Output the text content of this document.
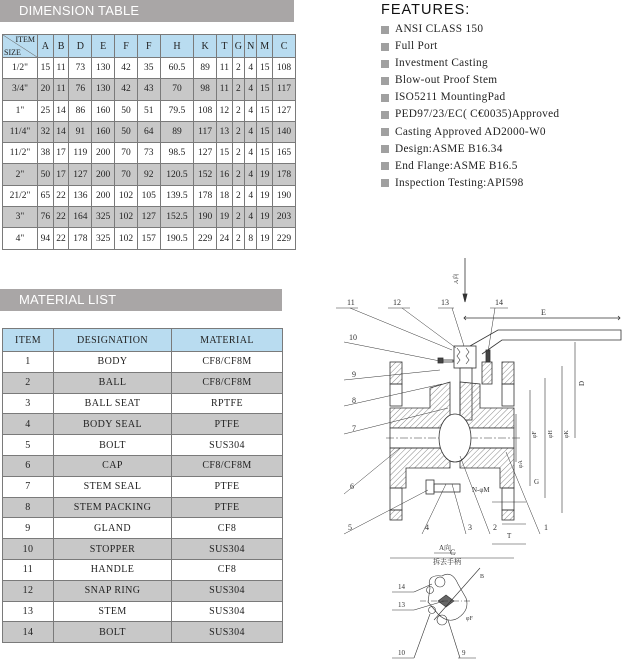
DIMENSION TABLE
ITEM
SIZE	A	B	D	E	F	F	H	K	T	G	N	M	C
1/2"	15	11	73	130	42	35	60.5	89	11	2	4	15	108
3/4"	20	11	76	130	42	43	70	98	11	2	4	15	117
1"	25	14	86	160	50	51	79.5	108	12	2	4	15	127
11/4"	32	14	91	160	50	64	89	117	13	2	4	15	140
11/2"	38	17	119	200	70	73	98.5	127	15	2	4	15	165
2"	50	17	127	200	70	92	120.5	152	16	2	4	19	178
21/2"	65	22	136	200	102	105	139.5	178	18	2	4	19	190
3"	76	22	164	325	102	127	152.5	190	19	2	4	19	203
4"	94	22	178	325	102	157	190.5	229	24	2	8	19	229
FEATURES:
ANSI CLASS 150
Full Port
Investment Casting
Blow-out Proof Stem
ISO5211 MountingPad
PED97/23/EC( C€0035)Approved
Casting Approved AD2000-W0
Design:ASME B16.34
End Flange:ASME B16.5
Inspection Testing:API598
MATERIAL LIST
ITEM	DESIGNATION	MATERIAL
1	BODY	CF8/CF8M
2	BALL	CF8/CF8M
3	BALL SEAT	RPTFE
4	BODY SEAL	PTFE
5	BOLT	SUS304
6	CAP	CF8/CF8M
7	STEM SEAL	PTFE
8	STEM PACKING	PTFE
9	GLAND	CF8
10	STOPPER	SUS304
11	HANDLE	CF8
12	SNAP RING	SUS304
13	STEM	SUS304
14	BOLT	SUS304
A向
E
D
φK
φH
φF
φA
C
N-φM
G
T
11	12	13	14
10
9
8
7
6
5	4	3	2	1
A向
拆去手柄
B
φF
14
13
10	9
